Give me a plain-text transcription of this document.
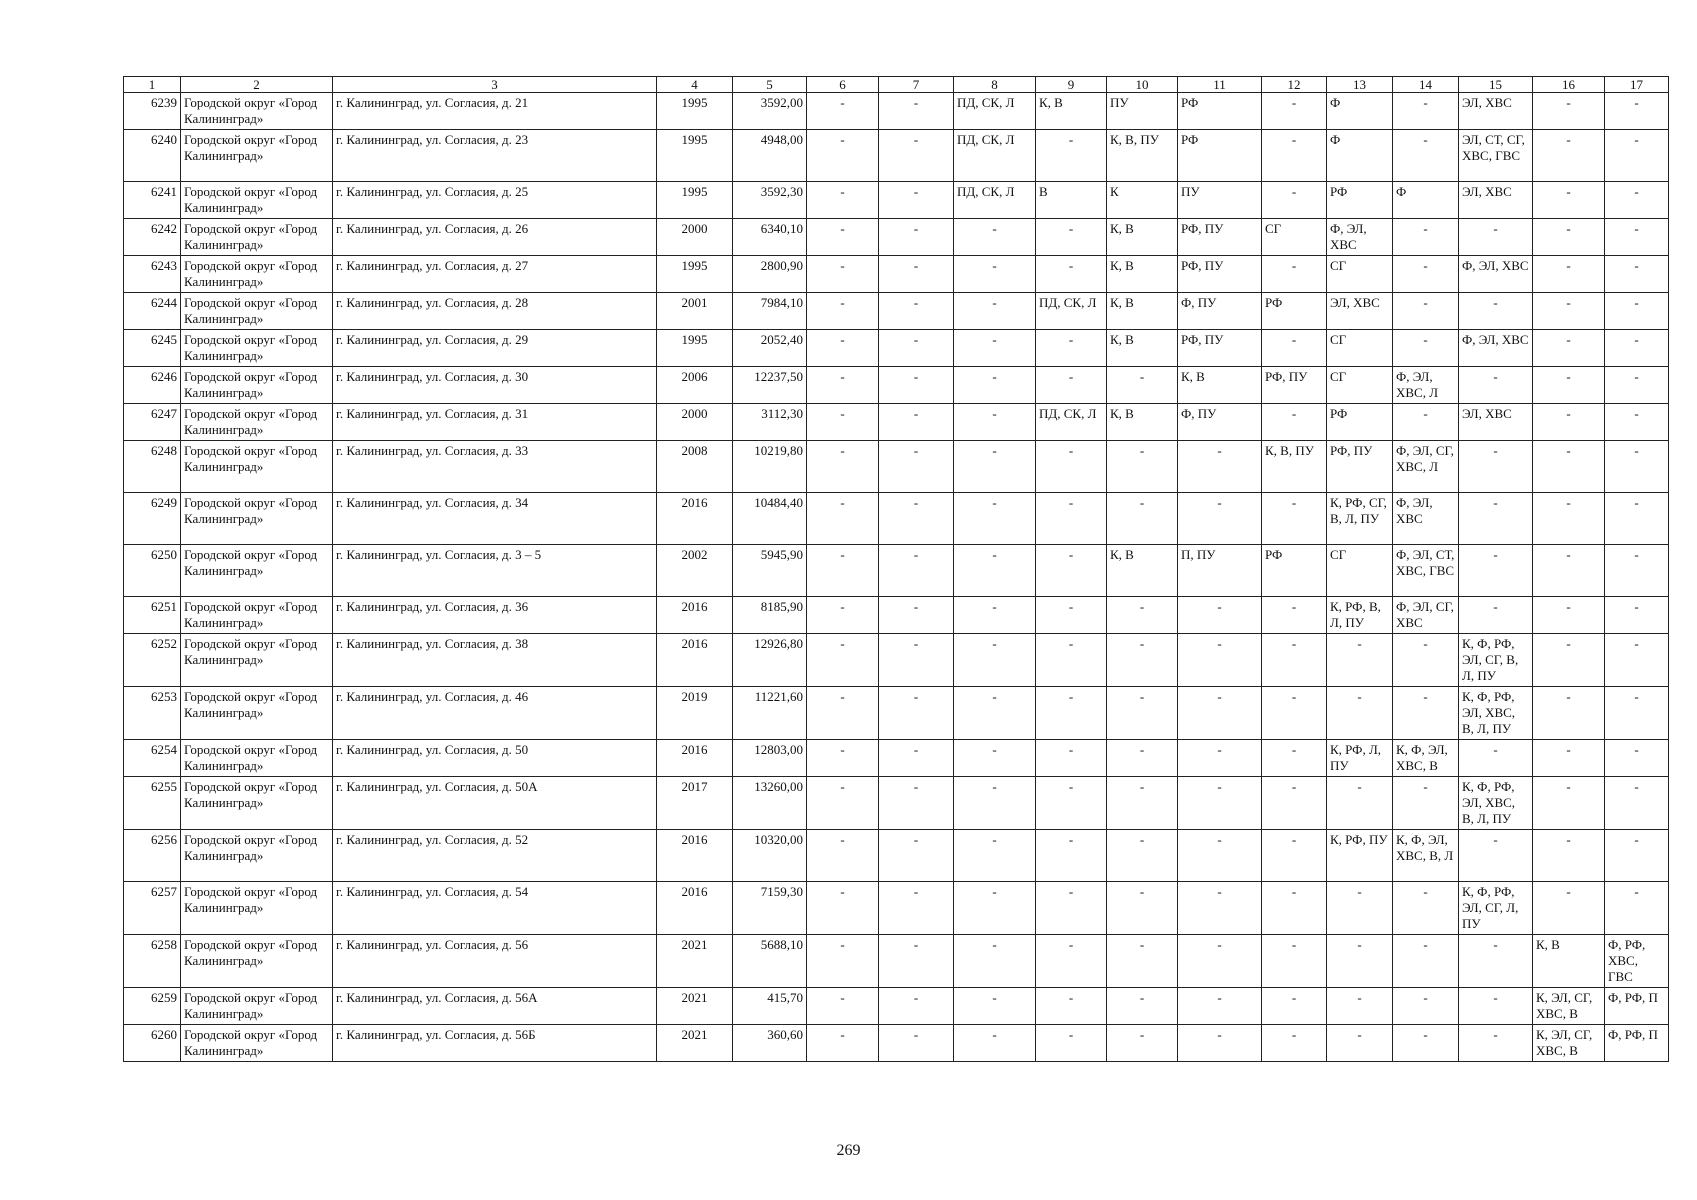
1	2	3	4	5	6	7	8	9	10	11	12	13	14	15	16	17
6239	Городской округ «Город Калининград»	г. Калининград, ул. Согласия, д. 21	1995	3592,00	-	-	ПД, СК, Л	К, В	ПУ	РФ	-	Ф	-	ЭЛ, ХВС	-	-
6240	Городской округ «Город Калининград»	г. Калининград, ул. Согласия, д. 23	1995	4948,00	-	-	ПД, СК, Л	-	К, В, ПУ	РФ	-	Ф	-	ЭЛ, СТ, СГ, ХВС, ГВС	-	-
6241	Городской округ «Город Калининград»	г. Калининград, ул. Согласия, д. 25	1995	3592,30	-	-	ПД, СК, Л	В	К	ПУ	-	РФ	Ф	ЭЛ, ХВС	-	-
6242	Городской округ «Город Калининград»	г. Калининград, ул. Согласия, д. 26	2000	6340,10	-	-	-	-	К, В	РФ, ПУ	СГ	Ф, ЭЛ, ХВС	-	-	-	-
6243	Городской округ «Город Калининград»	г. Калининград, ул. Согласия, д. 27	1995	2800,90	-	-	-	-	К, В	РФ, ПУ	-	СГ	-	Ф, ЭЛ, ХВС	-	-
6244	Городской округ «Город Калининград»	г. Калининград, ул. Согласия, д. 28	2001	7984,10	-	-	-	ПД, СК, Л	К, В	Ф, ПУ	РФ	ЭЛ, ХВС	-	-	-	-
6245	Городской округ «Город Калининград»	г. Калининград, ул. Согласия, д. 29	1995	2052,40	-	-	-	-	К, В	РФ, ПУ	-	СГ	-	Ф, ЭЛ, ХВС	-	-
6246	Городской округ «Город Калининград»	г. Калининград, ул. Согласия, д. 30	2006	12237,50	-	-	-	-	-	К, В	РФ, ПУ	СГ	Ф, ЭЛ, ХВС, Л	-	-	-
6247	Городской округ «Город Калининград»	г. Калининград, ул. Согласия, д. 31	2000	3112,30	-	-	-	ПД, СК, Л	К, В	Ф, ПУ	-	РФ	-	ЭЛ, ХВС	-	-
6248	Городской округ «Город Калининград»	г. Калининград, ул. Согласия, д. 33	2008	10219,80	-	-	-	-	-	-	К, В, ПУ	РФ, ПУ	Ф, ЭЛ, СГ, ХВС, Л	-	-	-
6249	Городской округ «Город Калининград»	г. Калининград, ул. Согласия, д. 34	2016	10484,40	-	-	-	-	-	-	-	К, РФ, СГ, В, Л, ПУ	Ф, ЭЛ, ХВС	-	-	-
6250	Городской округ «Город Калининград»	г. Калининград, ул. Согласия, д. 3 – 5	2002	5945,90	-	-	-	-	К, В	П, ПУ	РФ	СГ	Ф, ЭЛ, СТ, ХВС, ГВС	-	-	-
6251	Городской округ «Город Калининград»	г. Калининград, ул. Согласия, д. 36	2016	8185,90	-	-	-	-	-	-	-	К, РФ, В, Л, ПУ	Ф, ЭЛ, СГ, ХВС	-	-	-
6252	Городской округ «Город Калининград»	г. Калининград, ул. Согласия, д. 38	2016	12926,80	-	-	-	-	-	-	-	-	-	К, Ф, РФ, ЭЛ, СГ, В, Л, ПУ	-	-
6253	Городской округ «Город Калининград»	г. Калининград, ул. Согласия, д. 46	2019	11221,60	-	-	-	-	-	-	-	-	-	К, Ф, РФ, ЭЛ, ХВС, В, Л, ПУ	-	-
6254	Городской округ «Город Калининград»	г. Калининград, ул. Согласия, д. 50	2016	12803,00	-	-	-	-	-	-	-	К, РФ, Л, ПУ	К, Ф, ЭЛ, ХВС, В	-	-	-
6255	Городской округ «Город Калининград»	г. Калининград, ул. Согласия, д. 50А	2017	13260,00	-	-	-	-	-	-	-	-	-	К, Ф, РФ, ЭЛ, ХВС, В, Л, ПУ	-	-
6256	Городской округ «Город Калининград»	г. Калининград, ул. Согласия, д. 52	2016	10320,00	-	-	-	-	-	-	-	К, РФ, ПУ	К, Ф, ЭЛ, ХВС, В, Л	-	-	-
6257	Городской округ «Город Калининград»	г. Калининград, ул. Согласия, д. 54	2016	7159,30	-	-	-	-	-	-	-	-	-	К, Ф, РФ, ЭЛ, СГ, Л, ПУ	-	-
6258	Городской округ «Город Калининград»	г. Калининград, ул. Согласия, д. 56	2021	5688,10	-	-	-	-	-	-	-	-	-	-	К, В	Ф, РФ, ХВС, ГВС
6259	Городской округ «Город Калининград»	г. Калининград, ул. Согласия, д. 56А	2021	415,70	-	-	-	-	-	-	-	-	-	-	К, ЭЛ, СГ, ХВС, В	Ф, РФ, П
6260	Городской округ «Город Калининград»	г. Калининград, ул. Согласия, д. 56Б	2021	360,60	-	-	-	-	-	-	-	-	-	-	К, ЭЛ, СГ, ХВС, В	Ф, РФ, П
269
